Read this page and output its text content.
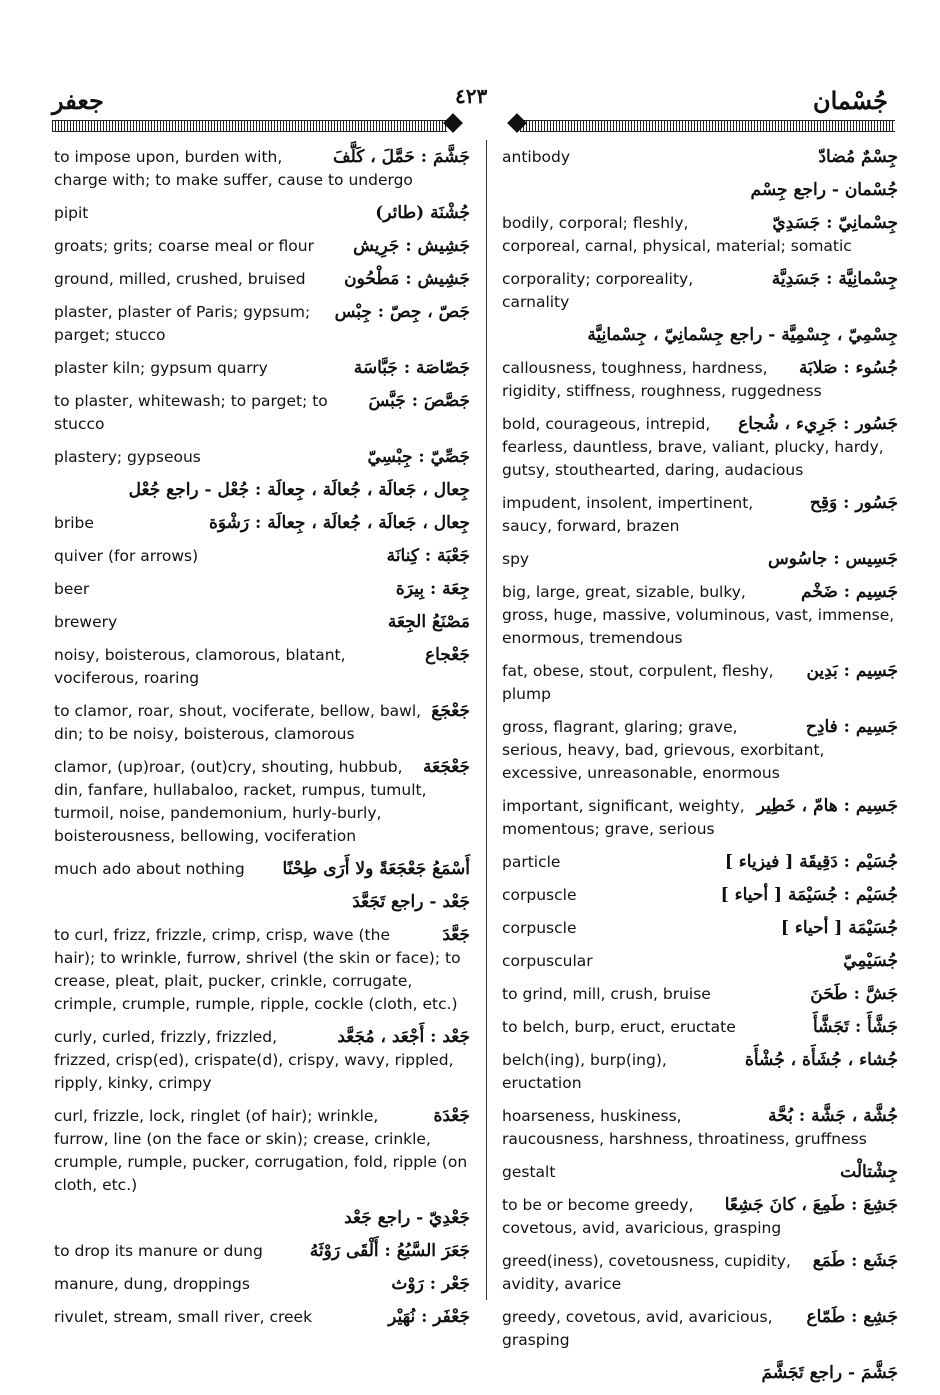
جعفر	٤٢٣	جُسْمان
جَشَّمَ : حَمَّلَ ، كَلَّفَ
to impose upon, burden with, charge with; to make suffer, cause to undergo
جُشْنَة (طائر)
pipit
جَشِيش : جَرِيش
groats; grits; coarse meal or flour
جَشِيش : مَطْحُون
ground, milled, crushed, bruised
جَصّ ، جِصّ : جِبْس
plaster, plaster of Paris; gypsum; parget; stucco
جَصّاصَة : جَبَّاسَة
plaster kiln; gypsum quarry
جَصَّصَ : جَبَّسَ
to plaster, whitewash; to parget; to stucco
جَصِّيّ : جِبْسِيّ
plastery; gypseous
جِعال ، جَعالَة ، جُعالَة ، جِعالَة : جُعْل - راجع جُعْل
جِعال ، جَعالَة ، جُعالَة ، جِعالَة : رَشْوَة
bribe
جَعْبَة : كِنانَة
quiver (for arrows)
جِعَة : بِيرَة
beer
مَصْنَعُ الجِعَة
brewery
جَعْجاع
noisy, boisterous, clamorous, blatant, vociferous, roaring
جَعْجَعَ
to clamor, roar, shout, vociferate, bellow, bawl, din; to be noisy, boisterous, clamorous
جَعْجَعَة
clamor, (up)roar, (out)cry, shouting, hubbub, din, fanfare, hullabaloo, racket, rumpus, tumult, turmoil, noise, pandemonium, hurly-burly, boisterousness, bellowing, vociferation
أَسْمَعُ جَعْجَعَةً ولا أَرَى طِحْنًا
much ado about nothing
جَعْد - راجع تَجَعَّدَ
جَعَّدَ
to curl, frizz, frizzle, crimp, crisp, wave (the hair); to wrinkle, furrow, shrivel (the skin or face); to crease, pleat, plait, pucker, crinkle, corrugate, crimple, crumple, rumple, ripple, cockle (cloth, etc.)
جَعْد : أَجْعَد ، مُجَعَّد
curly, curled, frizzly, frizzled, frizzed, crisp(ed), crispate(d), crispy, wavy, rippled, ripply, kinky, crimpy
جَعْدَة
curl, frizzle, lock, ringlet (of hair); wrinkle, furrow, line (on the face or skin); crease, crinkle, crumple, rumple, pucker, corrugation, fold, ripple (on cloth, etc.)
جَعْدِيّ - راجع جَعْد
جَعَرَ السَّبُعُ : أَلْقَى رَوْثَهُ
to drop its manure or dung
جَعْر : رَوْث
manure, dung, droppings
جَعْفَر : نُهَيْر
rivulet, stream, small river, creek
جِسْمٌ مُضادّ
antibody
جُسْمان - راجع جِسْم
جِسْمانِيّ : جَسَدِيّ
bodily, corporal; fleshly, corporeal, carnal, physical, material; somatic
جِسْمانِيَّة : جَسَدِيَّة
corporality; corporeality, carnality
جِسْمِيّ ، جِسْمِيَّة - راجع جِسْمانِيّ ، جِسْمانِيَّة
جُسُوء : صَلابَة
callousness, toughness, hardness, rigidity, stiffness, roughness, ruggedness
جَسُور : جَرِيء ، شُجاع
bold, courageous, intrepid, fearless, dauntless, brave, valiant, plucky, hardy, gutsy, stouthearted, daring, audacious
جَسُور : وَقِح
impudent, insolent, impertinent, saucy, forward, brazen
جَسِيس : جاسُوس
spy
جَسِيم : ضَخْم
big, large, great, sizable, bulky, gross, huge, massive, voluminous, vast, immense, enormous, tremendous
جَسِيم : بَدِين
fat, obese, stout, corpulent, fleshy, plump
جَسِيم : فادِح
gross, flagrant, glaring; grave, serious, heavy, bad, grievous, exorbitant, excessive, unreasonable, enormous
جَسِيم : هامّ ، خَطِير
important, significant, weighty, momentous; grave, serious
جُسَيْم : دَقِيقَة [ فيزياء ]
particle
جُسَيْم : جُسَيْمَة [ أحياء ]
corpuscle
جُسَيْمَة [ أحياء ]
corpuscle
جُسَيْمِيّ
corpuscular
جَشَّ : طَحَنَ
to grind, mill, crush, bruise
جَشَّأَ : تَجَشَّأَ
to belch, burp, eruct, eructate
جُشاء ، جُشَأَة ، جُشْأَة
belch(ing), burp(ing), eructation
جُشَّة ، جَشَّة : بُحَّة
hoarseness, huskiness, raucousness, harshness, throatiness, gruffness
جِشْتالْت
gestalt
جَشِعَ : طَمِعَ ، كانَ جَشِعًا
to be or become greedy, covetous, avid, avaricious, grasping
جَشَع : طَمَع
greed(iness), covetousness, cupidity, avidity, avarice
جَشِع : طَمّاع
greedy, covetous, avid, avaricious, grasping
جَشَّمَ - راجع تَجَشَّمَ
